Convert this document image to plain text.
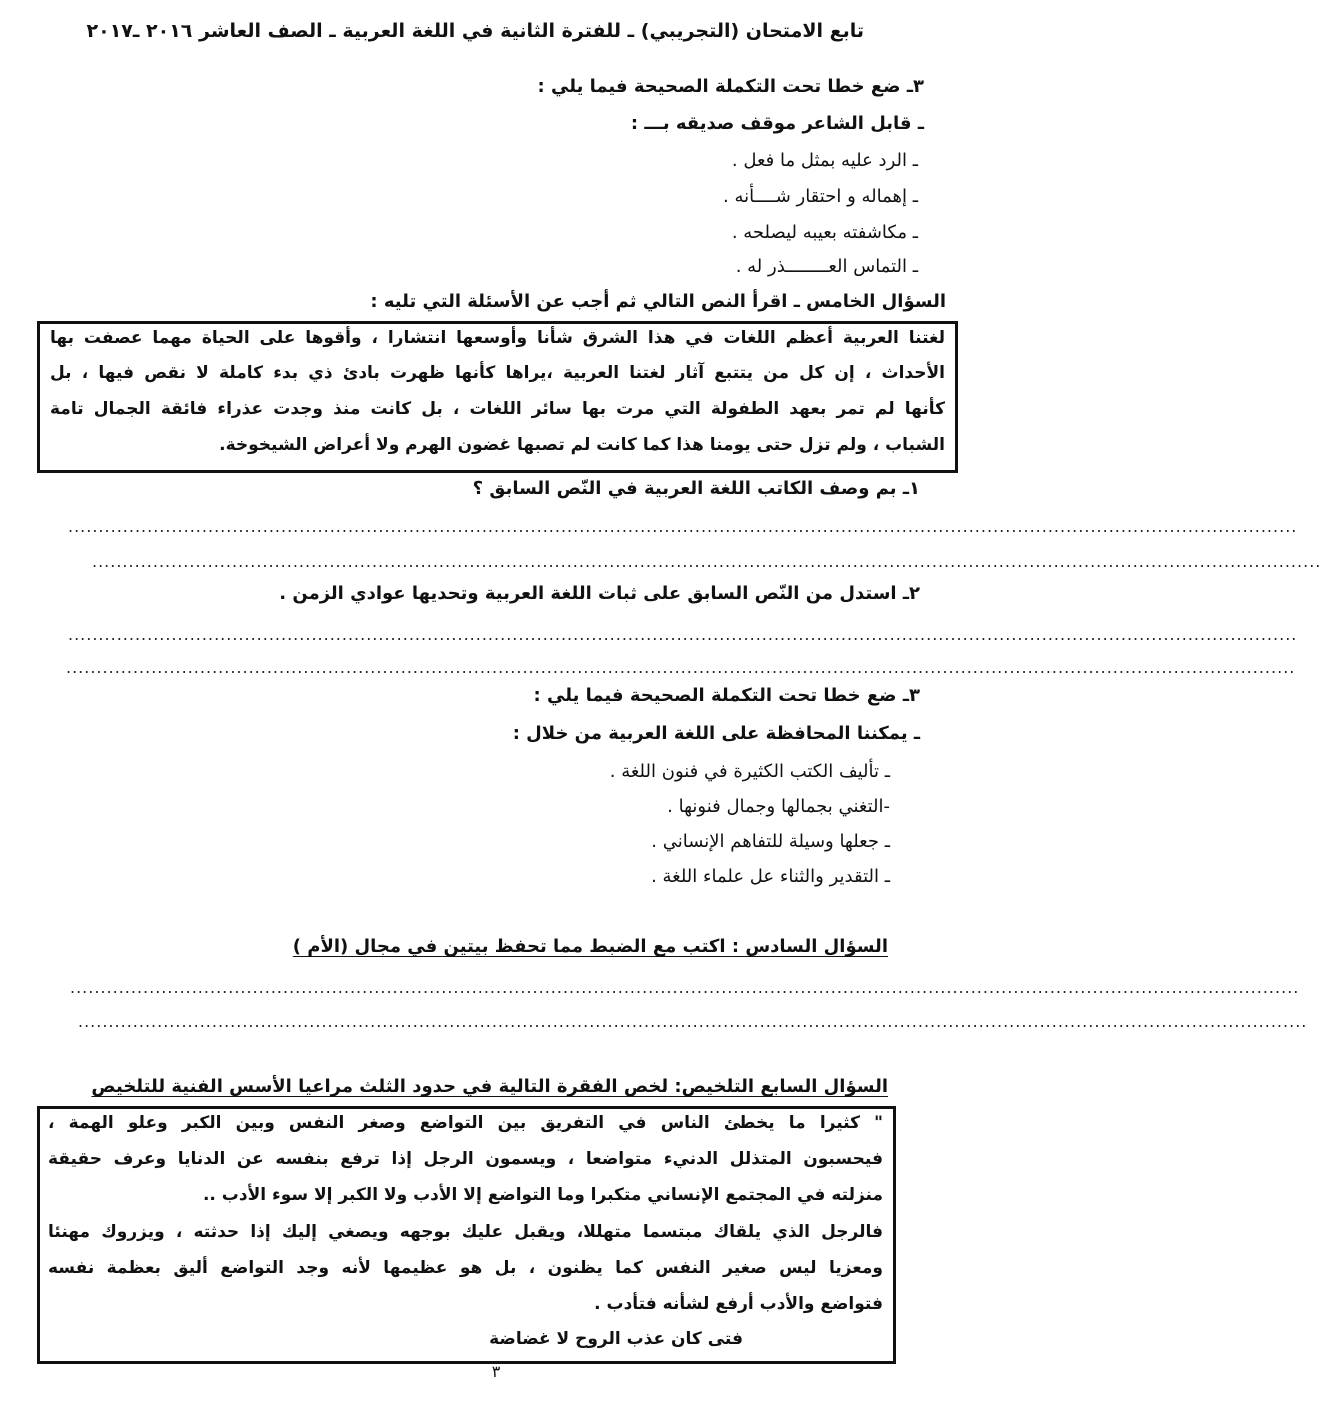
تابع الامتحان (التجريبي) ـ للفترة الثانية في اللغة العربية ـ الصف العاشر ٢٠١٦ ـ٢٠١٧
٣ـ ضع خطا تحت التكملة الصحيحة فيما يلي :
ـ قابل الشاعر موقف صديقه بـــ :
ـ الرد عليه بمثل ما فعل .
ـ إهماله و احتقار شــــأنه .
ـ مكاشفته بعيبه ليصلحه .
ـ التماس العــــــــذر له .
السؤال الخامس ـ اقرأ النص التالي ثم أجب عن الأسئلة التي تليه :
لغتنا العربية أعظم اللغات في هذا الشرق شأنا وأوسعها انتشارا ، وأقوها على الحياة مهما عصفت بها
الأحداث ، إن كل من يتتبع آثار لغتنا العربية ،يراها كأنها ظهرت بادئ ذي بدء كاملة لا نقص فيها ، بل
كأنها لم تمر بعهد الطفولة التي مرت بها سائر اللغات ، بل كانت منذ وجدت عذراء فائقة الجمال تامة
الشباب ، ولم تزل حتى يومنا هذا كما كانت لم تصبها غضون الهرم ولا أعراض الشيخوخة.
١ـ بم وصف الكاتب اللغة العربية في النّص السابق ؟
..........................................................................................................................................................................................................
..........................................................................................................................................................................................................
٢ـ استدل من النّص السابق على ثبات اللغة العربية وتحديها عوادي الزمن .
..........................................................................................................................................................................................................
..........................................................................................................................................................................................................
٣ـ ضع خطا تحت التكملة الصحيحة فيما يلي :
ـ يمكننا المحافظة على اللغة العربية من خلال :
ـ تأليف الكتب الكثيرة في فنون اللغة .
-التغني بجمالها وجمال فنونها .
ـ جعلها وسيلة للتفاهم الإنساني .
ـ التقدير والثناء عل علماء اللغة .
السؤال السادس : اكتب مع الضبط مما تحفظ بيتين في مجال (الأم )
..........................................................................................................................................................................................................
..........................................................................................................................................................................................................
السؤال السابع التلخيص: لخص الفقرة التالية في حدود الثلث مراعيا الأسس الفنية للتلخيص
" كثيرا ما يخطئ الناس في التفريق بين التواضع وصغر النفس وبين الكبر وعلو الهمة ،
فيحسبون المتذلل الدنيء متواضعا ، ويسمون الرجل إذا ترفع بنفسه عن الدنايا وعرف حقيقة
منزلته في المجتمع الإنساني متكبرا وما التواضع إلا الأدب ولا الكبر إلا سوء الأدب ..
فالرجل الذي يلقاك مبتسما متهللا، ويقبل عليك بوجهه ويصغي إليك إذا حدثته ، ويزروك مهنئا
ومعزيا ليس صغير النفس كما يظنون ، بل هو عظيمها لأنه وجد التواضع أليق بعظمة نفسه
فتواضع والأدب أرفع لشأنه فتأدب .
فتى كان عذب الروح لا غضاضة
٣
